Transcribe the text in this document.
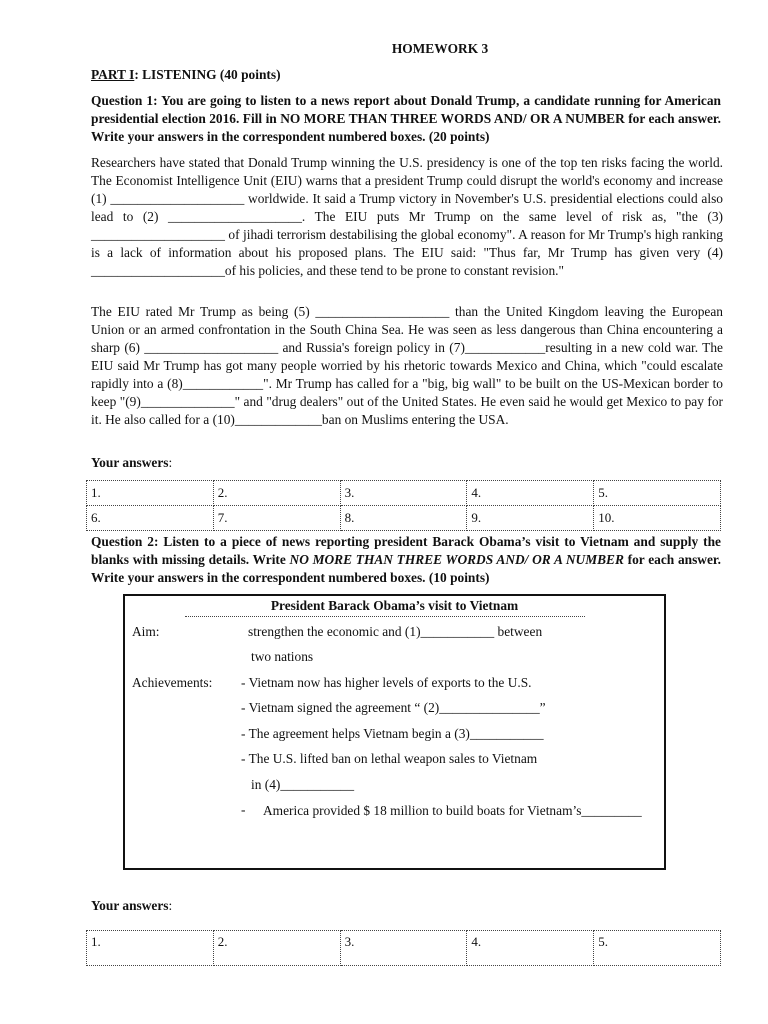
HOMEWORK 3
PART I: LISTENING (40 points)
Question 1: You are going to listen to a news report about Donald Trump, a candidate running for American presidential election 2016. Fill in NO MORE THAN THREE WORDS AND/ OR A NUMBER for each answer. Write your answers in the correspondent numbered boxes. (20 points)
Researchers have stated that Donald Trump winning the U.S. presidency is one of the top ten risks facing the world. The Economist Intelligence Unit (EIU) warns that a president Trump could disrupt the world's economy and increase (1) ____________________ worldwide. It said a Trump victory in November's U.S. presidential elections could also lead to (2) ____________________. The EIU puts Mr Trump on the same level of risk as, "the (3) ____________________ of jihadi terrorism destabilising the global economy". A reason for Mr Trump's high ranking is a lack of information about his proposed plans. The EIU said: "Thus far, Mr Trump has given very (4) ____________________of his policies, and these tend to be prone to constant revision."
The EIU rated Mr Trump as being (5) ____________________ than the United Kingdom leaving the European Union or an armed confrontation in the South China Sea. He was seen as less dangerous than China encountering a sharp (6) ____________________ and Russia's foreign policy in (7)____________resulting in a new cold war. The EIU said Mr Trump has got many people worried by his rhetoric towards Mexico and China, which "could escalate rapidly into a (8)____________". Mr Trump has called for a "big, big wall" to be built on the US-Mexican border to keep "(9)______________" and "drug dealers" out of the United States. He even said he would get Mexico to pay for it. He also called for a (10)_____________ban on Muslims entering the USA.
Your answers:
1.	2.	3.	4.	5.
6.	7.	8.	9.	10.
Question 2: Listen to a piece of news reporting president Barack Obama’s visit to Vietnam and supply the blanks with missing details. Write NO MORE THAN THREE WORDS AND/ OR A NUMBER for each answer. Write your answers in the correspondent numbered boxes. (10 points)
President Barack Obama’s visit to Vietnam
Aim:	strengthen the economic and (1)___________ between
two nations
Achievements: - Vietnam now has higher levels of exports to the U.S.
- Vietnam signed the agreement “ (2)_______________”
- The agreement helps Vietnam begin a (3)___________
- The U.S. lifted ban on lethal weapon sales to Vietnam
in (4)___________
- America provided $ 18 million to build boats for Vietnam’s_________
Your answers:
1.	2.	3.	4.	5.
